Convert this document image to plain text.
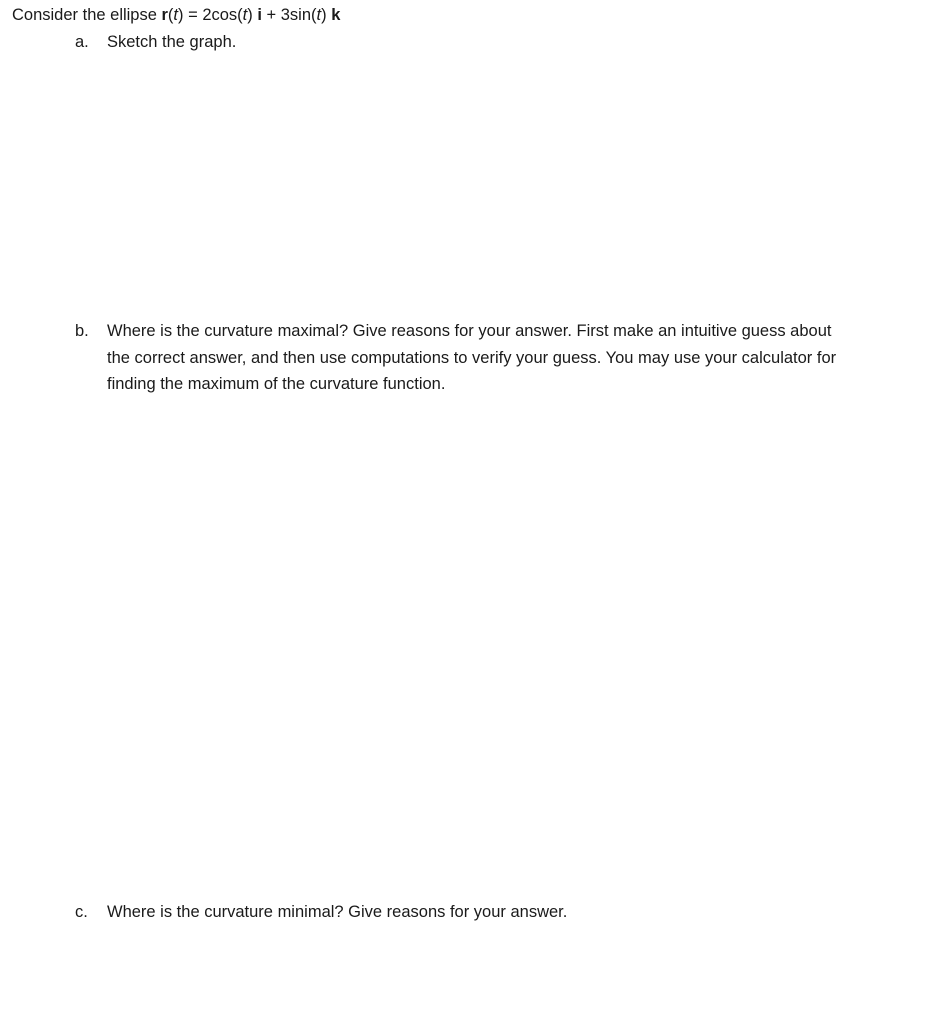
Consider the ellipse r(t) = 2cos(t) i + 3sin(t) k
a. Sketch the graph.
b. Where is the curvature maximal? Give reasons for your answer. First make an intuitive guess about the correct answer, and then use computations to verify your guess. You may use your calculator for finding the maximum of the curvature function.
c. Where is the curvature minimal? Give reasons for your answer.
